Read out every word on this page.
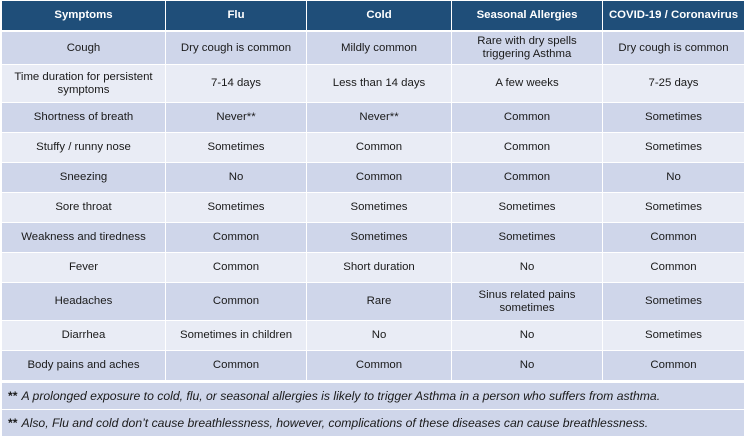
Symptoms	Flu	Cold	Seasonal Allergies	COVID-19 / Coronavirus
Cough	Dry cough is common	Mildly common	Rare with dry spells triggering Asthma	Dry cough is common
Time duration for persistent symptoms	7-14 days	Less than 14 days	A few weeks	7-25 days
Shortness of breath	Never**	Never**	Common	Sometimes
Stuffy / runny nose	Sometimes	Common	Common	Sometimes
Sneezing	No	Common	Common	No
Sore throat	Sometimes	Sometimes	Sometimes	Sometimes
Weakness and tiredness	Common	Sometimes	Sometimes	Common
Fever	Common	Short duration	No	Common
Headaches	Common	Rare	Sinus related pains sometimes	Sometimes
Diarrhea	Sometimes in children	No	No	Sometimes
Body pains and aches	Common	Common	No	Common
** A prolonged exposure to cold, flu, or seasonal allergies is likely to trigger Asthma in a person who suffers from asthma.
** Also, Flu and cold don’t cause breathlessness, however, complications of these diseases can cause breathlessness.
